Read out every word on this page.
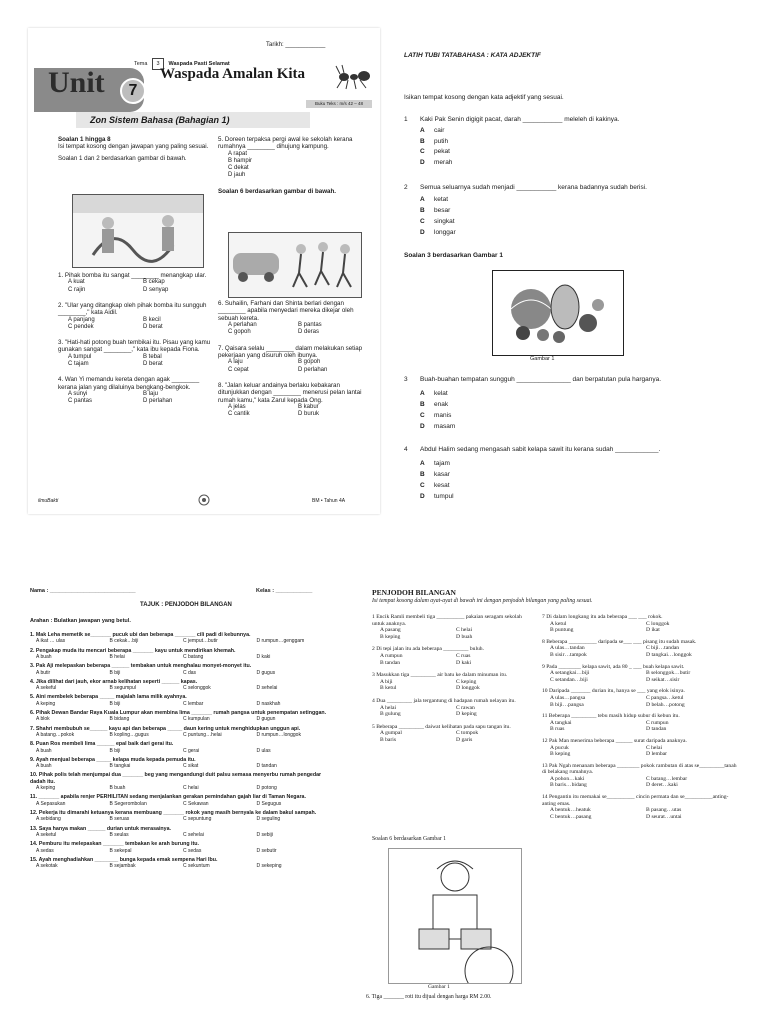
Tarikh: ____________
Tema 3 Waspada Pasti Selamat
Unit	7
Waspada Amalan Kita
Buku Teks : m/s 42 – 48
Zon Sistem Bahasa (Bahagian 1)
Soalan 1 hingga 8
Isi tempat kosong dengan jawapan yang paling sesuai.
Soalan 1 dan 2 berdasarkan gambar di bawah.
1. Pihak bomba itu sangat ________ menangkap ular.
A kuat	B cekap
C rajin	D senyap
2. "Ular yang ditangkap oleh pihak bomba itu sungguh ________," kata Aidil.
A panjang	B kecil
C pendek	D berat
3. "Hati-hati potong buah tembikai itu. Pisau yang kamu gunakan sangat ________," kata ibu kepada Fiona.
A tumpul	B tebal
C tajam	D berat
4. Wan Yi memandu kereta dengan agak ________ kerana jalan yang dilaluinya bengkang-bengkok.
A sunyi	B laju
C pantas	D perlahan
5. Doreen terpaksa pergi awal ke sekolah kerana rumahnya ________ dihujung kampung.
A rapat
B hampir
C dekat
D jauh
Soalan 6 berdasarkan gambar di bawah.
6. Suhailin, Farhani dan Shinta berlari dengan ________ apabila menyedari mereka dikejar oleh sebuah kereta.
A perlahan	B pantas
C gopoh	D deras
7. Qaisara selalu ________ dalam melakukan setiap pekerjaan yang disuruh oleh ibunya.
A laju	B gopoh
C cepat	D perlahan
8. "Jalan keluar andainya berlaku kebakaran ditunjukkan dengan ________ menerusi pelan lantai rumah kamu," kata Zarul kepada Ong.
A jelas	B kabur
C cantik	D buruk
ilmuBakti	BM • Tahun 4A
LATIH TUBI TATABAHASA : KATA ADJEKTIF
Isikan tempat kosong dengan kata adjektif yang sesuai.
1 Kaki Pak Senin digigit pacat, darah ___________ meleleh di kakinya.
A cair
B putih
C pekat
D merah
2 Semua seluarnya sudah menjadi ___________ kerana badannya sudah berisi.
A ketat
B besar
C singkat
D longgar
Soalan 3 berdasarkan Gambar 1
Gambar 1
3 Buah-buahan tempatan sungguh _______________ dan berpatutan pula harganya.
A kelat
B enak
C manis
D masam
4 Abdul Halim sedang mengasah sabit kelapa sawit itu kerana sudah ____________.
A tajam
B kasar
C kesat
D tumpul
Nama : ____________________________	Kelas : ____________
TAJUK : PENJODOH BILANGAN
Arahan : Bulatkan jawapan yang betul.
1. Mak Leha memetik se_______ pucuk ubi dan beberapa _______ cili padi di kebunnya.
A ikat … ulas	B cekak…biji	C jemput…butir	D rumpun…genggam
2. Pengakap muda itu mencari beberapa _______ kayu untuk mendirikan khemah.
A buah	B helai	C batang	D kaki
3. Pak Aji melepaskan beberapa ______ tembakan untuk menghalau monyet-monyet itu.
A butir	B biji	C das	D gugus
4. Jika dilihat dari jauh, ekor arnab kelihatan seperti ______ kapas.
A sekeful	B segumpul	C selonggok	D sehelai
5. Aini membelek beberapa _____ majalah lama milik ayahnya.
A keping	B biji	C lembar	D naskhah
6. Pihak Dewan Bandar Raya Kuala Lumpur akan membina lima _______ rumah pangsa untuk penempatan setinggan.
A blok	B bidang	C kumpulan	D gugun
7. Shahri membubuh se______ kayu api dan beberapa _____ daun kering untuk menghidupkan unggun api.
A batang…pokok	B kopling…gugus	C puntung…helai	D rumpun…longgok
8. Puan Ros membeli lima ______ epal baik dari gerai itu.
A buah	B biji	C gerai	D ulas
9. Ayah menjual beberapa _____ kelapa muda kepada pemuda itu.
A buah	B tangkai	C sikat	D tandan
10. Pihak polis telah menjumpai dua _______ beg yang mengandungi duit palsu semasa menyerbu rumah pengedar dadah itu.
A keping	B buah	C helai	D potong
11. _______ apabila renjer PERHILITAN sedang menjalankan gerakan pemindahan gajah liar di Taman Negara.
A Sepasukan	B Segerombolan	C Sekawan	D Segugus
12. Pekerja itu dimarahi ketuanya kerana membuang _______ rokok yang masih bernyala ke dalam bakul sampah.
A sebidang	B seruas	C sepuntung	D seguling
13. Saya hanya makan ______ durian untuk merasainya.
A seketul	B seulas	C sehelai	D sebiji
14. Pemburu itu melepaskan _______ tembakan ke arah burung itu.
A sedas	B sekepal	C sedas	D sebutir
15. Ayah menghadiahkan ________ bunga kepada emak sempena Hari Ibu.
A sekotak	B sejambak	C sekuntum	D sekeping
PENJODOH BILANGAN
Isi tempat kosong dalam ayat-ayat di bawah ini dengan penjodoh bilangan yang paling sesuai.
1 Encik Ramli membeli tiga __________ pakaian seragam sekolah untuk anaknya.
A pasang	C helai
B keping	D buah
2 Di tepi jalan itu ada beberapa _________ buluh.
A rumpun	C ruas
B tandan	D kaki
3 Masukkan tiga _________ air batu ke dalam minuman itu.
A biji	C keping
B ketul	D longgok
4 Dua _________ jala tergantung di hadapan rumah nelayan itu.
A helai	C rawan
B gulung	D keping
5 Beberapa _________ daiwat kelihatan pada sapu tangan itu.
A gumpal	C tompok
B baris	D garis
Soalan 6 berdasarkan Gambar 1
Gambar 1
6. Tiga _______ roti itu dijual dengan harga RM 2.00.
7 Di dalam longkang itu ada beberapa ___ ___ rokok.
A ketul	C longgok
B puntung	D ikat
8 Beberapa __________ daripada se___ ___ pisang itu sudah masak.
A ulas…tandan	C biji…tandan
B sisir…tampok	D tangkai…longgok
9 Pada ________ kelapa sawit, ada 80 _ ___ buah kelapa sawit.
A setangkai…biji	B selonggok…butir
C setandan…biji	D seikat…sisir
10 Daripada _______ durian itu, hanya se ___ yang elok isinya.
A ulas…pangsa	C pangsa…ketul
B biji…pangsa	D belah…potong
11 Beberapa _________ tebu masih hidup subur di kebun itu.
A tangkai	C rumpun
B ruas	D tandan
12 Pak Man menerima beberapa ______ surat daripada anaknya.
A pucuk	C helai
B keping	D lembar
13 Pak Ngah menanam beberapa ________ pokok rambutan di atas se_________tanah di belakang rumahnya.
A pohon…kaki	C batang…lembar
B baris…bidang	D deret…kaki
14 Pengantin itu memakai se__________ cincin permata dan se__________anting-anting emas.
A bentuk…heatuk	B pasang…utas
C bentuk…pasang	D seurat…untai
